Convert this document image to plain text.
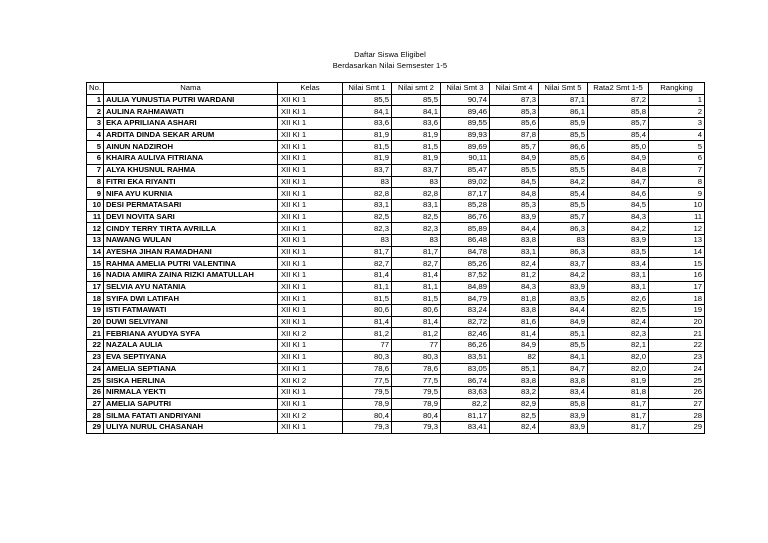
Daftar Siswa Eligibel
Berdasarkan Nilai Semsester 1-5
No.	Nama	Kelas	Nilai Smt 1	Nilai smt 2	Nilai Smt 3	Nilai Smt 4	Nilai Smt 5	Rata2 Smt 1-5	Rangking
1	AULIA YUNUSTIA PUTRI WARDANI	XII KI 1	85,5	85,5	90,74	87,3	87,1	87,2	1
2	AULINA RAHMAWATI	XII KI 1	84,1	84,1	89,46	85,3	86,1	85,8	2
3	EKA APRILIANA ASHARI	XII KI 1	83,6	83,6	89,55	85,6	85,9	85,7	3
4	ARDITA DINDA SEKAR ARUM	XII KI 1	81,9	81,9	89,93	87,8	85,5	85,4	4
5	AINUN NADZIROH	XII KI 1	81,5	81,5	89,69	85,7	86,6	85,0	5
6	KHAIRA AULIVA FITRIANA	XII KI 1	81,9	81,9	90,11	84,9	85,6	84,9	6
7	ALYA KHUSNUL RAHMA	XII KI 1	83,7	83,7	85,47	85,5	85,5	84,8	7
8	FITRI EKA RIYANTI	XII KI 1	83	83	89,02	84,5	84,2	84,7	8
9	NIFA AYU KURNIA	XII KI 1	82,8	82,8	87,17	84,8	85,4	84,6	9
10	DESI PERMATASARI	XII KI 1	83,1	83,1	85,28	85,3	85,5	84,5	10
11	DEVI NOVITA SARI	XII KI 1	82,5	82,5	86,76	83,9	85,7	84,3	11
12	CINDY TERRY TIRTA AVRILLA	XII KI 1	82,3	82,3	85,89	84,4	86,3	84,2	12
13	NAWANG WULAN	XII KI 1	83	83	86,48	83,8	83	83,9	13
14	AYESHA JIHAN RAMADHANI	XII KI 1	81,7	81,7	84,78	83,1	86,3	83,5	14
15	RAHMA AMELIA PUTRI VALENTINA	XII KI 1	82,7	82,7	85,26	82,4	83,7	83,4	15
16	NADIA AMIRA ZAINA RIZKI AMATULLAH	XII KI 1	81,4	81,4	87,52	81,2	84,2	83,1	16
17	SELVIA AYU NATANIA	XII KI 1	81,1	81,1	84,89	84,3	83,9	83,1	17
18	SYIFA DWI LATIFAH	XII KI 1	81,5	81,5	84,79	81,8	83,5	82,6	18
19	ISTI FATMAWATI	XII KI 1	80,6	80,6	83,24	83,8	84,4	82,5	19
20	DUWI SELVIYANI	XII KI 1	81,4	81,4	82,72	81,6	84,9	82,4	20
21	FEBRIANA AYUDYA SYFA	XII KI 2	81,2	81,2	82,46	81,4	85,1	82,3	21
22	NAZALA AULIA	XII KI 1	77	77	86,26	84,9	85,5	82,1	22
23	EVA SEPTIYANA	XII KI 1	80,3	80,3	83,51	82	84,1	82,0	23
24	AMELIA SEPTIANA	XII KI 1	78,6	78,6	83,05	85,1	84,7	82,0	24
25	SISKA HERLINA	XII KI 2	77,5	77,5	86,74	83,8	83,8	81,9	25
26	NIRMALA YEKTI	XII KI 1	79,5	79,5	83,63	83,2	83,4	81,8	26
27	AMELIA SAPUTRI	XII KI 1	78,9	78,9	82,2	82,9	85,8	81,7	27
28	SILMA FATATI ANDRIYANI	XII KI 2	80,4	80,4	81,17	82,5	83,9	81,7	28
29	ULIYA NURUL CHASANAH	XII KI 1	79,3	79,3	83,41	82,4	83,9	81,7	29
